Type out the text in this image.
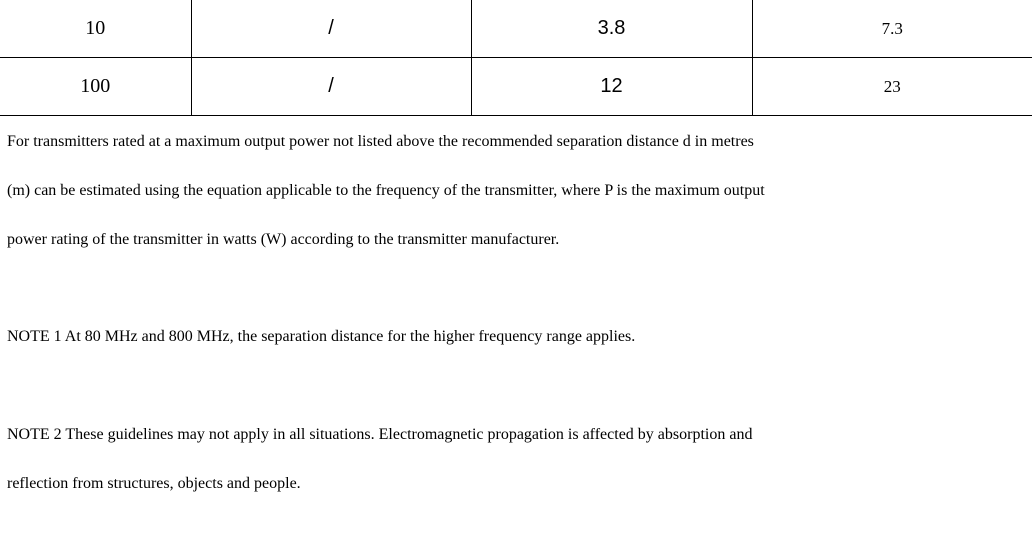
10	/	3.8	7.3
100	/	12	23

For transmitters rated at a maximum output power not listed above the recommended separation distance d in metres

(m) can be estimated using the equation applicable to the frequency of the transmitter, where P is the maximum output

power rating of the transmitter in watts (W) according to the transmitter manufacturer.

NOTE 1 At 80 MHz and 800 MHz, the separation distance for the higher frequency range applies.

NOTE 2 These guidelines may not apply in all situations. Electromagnetic propagation is affected by absorption and

reflection from structures, objects and people.
